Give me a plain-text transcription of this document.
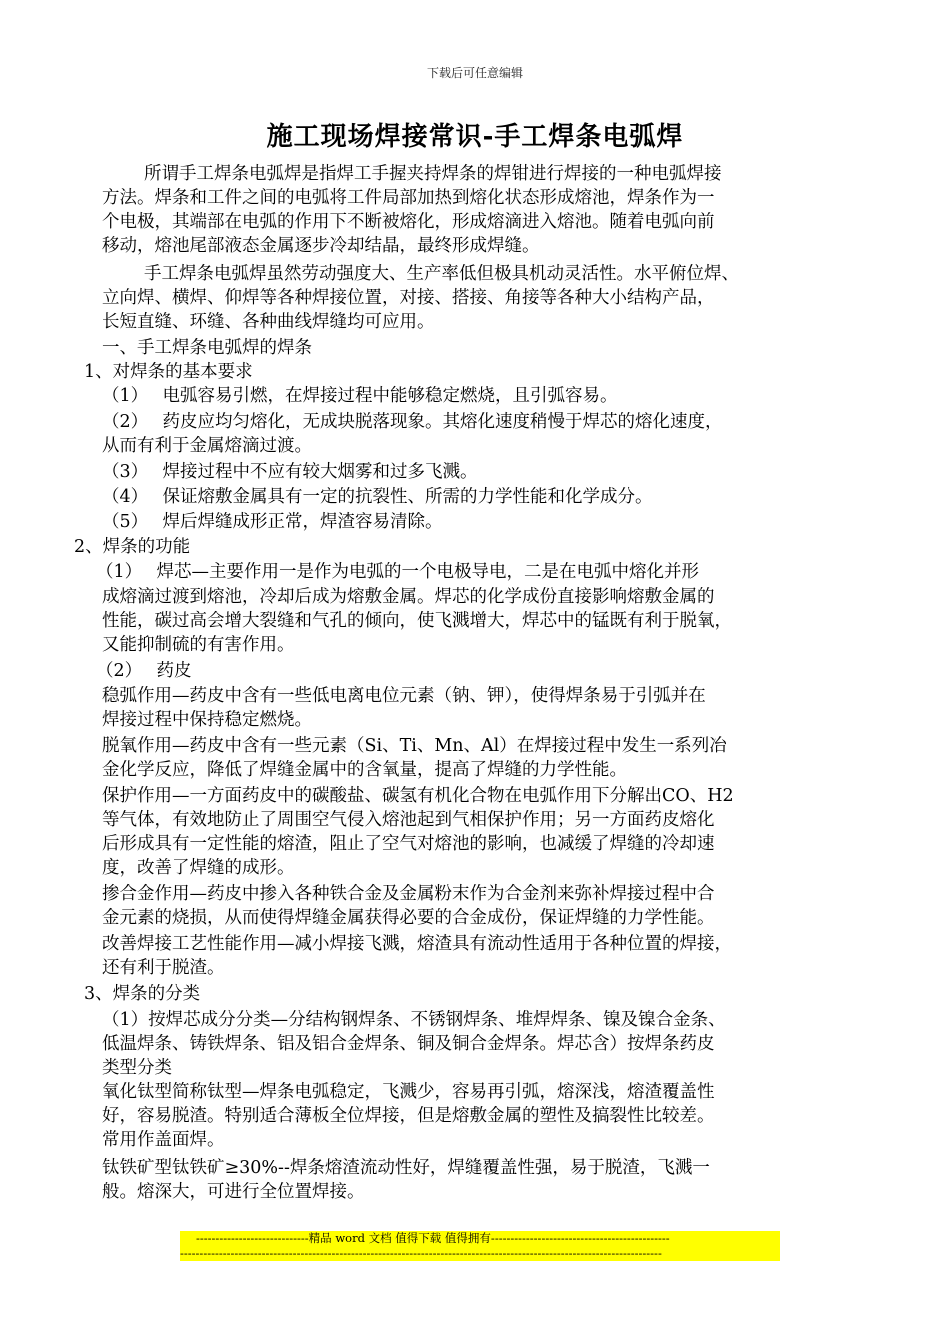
下载后可任意编辑
施工现场焊接常识-手工焊条电弧焊
所谓手工焊条电弧焊是指焊工手握夹持焊条的焊钳进行焊接的一种电弧焊接
方法。焊条和工件之间的电弧将工件局部加热到熔化状态形成熔池，焊条作为一
个电极，其端部在电弧的作用下不断被熔化，形成熔滴进入熔池。随着电弧向前
移动，熔池尾部液态金属逐步冷却结晶，最终形成焊缝。
手工焊条电弧焊虽然劳动强度大、生产率低但极具机动灵活性。水平俯位焊、
立向焊、横焊、仰焊等各种焊接位置，对接、搭接、角接等各种大小结构产品，
长短直缝、环缝、各种曲线焊缝均可应用。
一、手工焊条电弧焊的焊条
1、对焊条的基本要求
（1）　 电弧容易引燃，在焊接过程中能够稳定燃烧，且引弧容易。
（2）　 药皮应均匀熔化，无成块脱落现象。其熔化速度稍慢于焊芯的熔化速度，
从而有利于金属熔滴过渡。
（3）　 焊接过程中不应有较大烟雾和过多飞溅。
（4）　 保证熔敷金属具有一定的抗裂性、所需的力学性能和化学成分。
（5）　 焊后焊缝成形正常，焊渣容易清除。
2、焊条的功能
（1）　 焊芯—主要作用一是作为电弧的一个电极导电，二是在电弧中熔化并形
成熔滴过渡到熔池，冷却后成为熔敷金属。焊芯的化学成份直接影响熔敷金属的
性能，碳过高会增大裂缝和气孔的倾向，使飞溅增大，焊芯中的锰既有利于脱氧，
又能抑制硫的有害作用。
（2）　 药皮
稳弧作用—药皮中含有一些低电离电位元素（钠、钾），使得焊条易于引弧并在
焊接过程中保持稳定燃烧。
脱氧作用—药皮中含有一些元素（Si、Ti、Mn、Al）在焊接过程中发生一系列冶
金化学反应，降低了焊缝金属中的含氧量，提高了焊缝的力学性能。
保护作用—一方面药皮中的碳酸盐、碳氢有机化合物在电弧作用下分解出CO、H2
等气体，有效地防止了周围空气侵入熔池起到气相保护作用；另一方面药皮熔化
后形成具有一定性能的熔渣，阻止了空气对熔池的影响，也减缓了焊缝的冷却速
度，改善了焊缝的成形。
掺合金作用—药皮中掺入各种铁合金及金属粉末作为合金剂来弥补焊接过程中合
金元素的烧损，从而使得焊缝金属获得必要的合金成份，保证焊缝的力学性能。
改善焊接工艺性能作用—减小焊接飞溅，熔渣具有流动性适用于各种位置的焊接，
还有利于脱渣。
3、焊条的分类
（1）按焊芯成分分类—分结构钢焊条、不锈钢焊条、堆焊焊条、镍及镍合金条、
低温焊条、铸铁焊条、铝及铝合金焊条、铜及铜合金焊条。焊芯含）按焊条药皮
类型分类
氧化钛型简称钛型—焊条电弧稳定，飞溅少，容易再引弧，熔深浅，熔渣覆盖性
好，容易脱渣。特别适合薄板全位焊接，但是熔敷金属的塑性及搞裂性比较差。
常用作盖面焊。
钛铁矿型钛铁矿≥30%--焊条熔渣流动性好，焊缝覆盖性强，易于脱渣，飞溅一
般。熔深大，可进行全位置焊接。
-----------------------------精品 word 文档 值得下载 值得拥有----------------------------------------------
----------------------------------------------------------------------------------------------------------------------------
